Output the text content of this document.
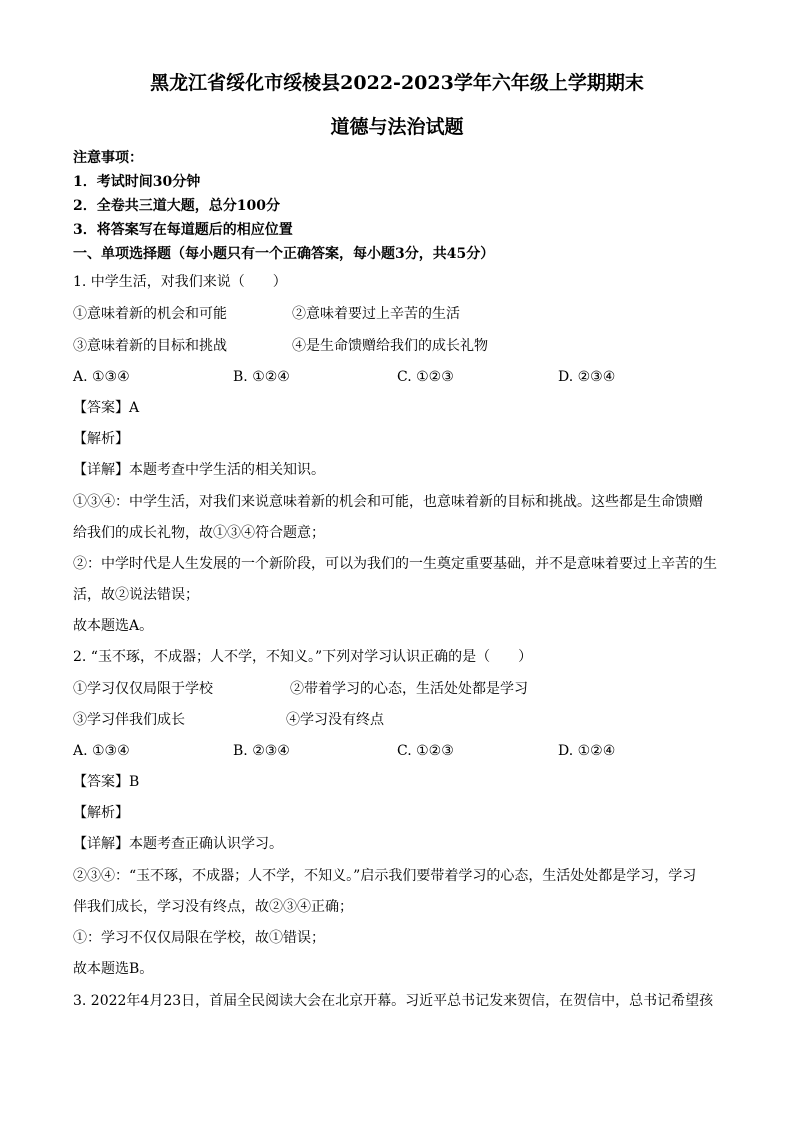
黑龙江省绥化市绥棱县2022-2023学年六年级上学期期末
道德与法治试题
注意事项：
1．考试时间30分钟
2．全卷共三道大题，总分100分
3．将答案写在每道题后的相应位置
一、单项选择题（每小题只有一个正确答案，每小题3分，共45分）
1. 中学生活，对我们来说（　　）
①意味着新的机会和可能	②意味着要过上辛苦的生活
③意味着新的目标和挑战	④是生命馈赠给我们的成长礼物
A. ①③④	B. ①②④	C. ①②③	D. ②③④
【答案】A
【解析】
【详解】本题考查中学生活的相关知识。
①③④：中学生活，对我们来说意味着新的机会和可能，也意味着新的目标和挑战。这些都是生命馈赠
给我们的成长礼物，故①③④符合题意；
②：中学时代是人生发展的一个新阶段，可以为我们的一生奠定重要基础，并不是意味着要过上辛苦的生
活，故②说法错误；
故本题选A。
2. “玉不琢，不成器；人不学，不知义。”下列对学习认识正确的是（　　）
①学习仅仅局限于学校	②带着学习的心态，生活处处都是学习
③学习伴我们成长	④学习没有终点
A. ①③④	B. ②③④	C. ①②③	D. ①②④
【答案】B
【解析】
【详解】本题考查正确认识学习。
②③④：“玉不琢，不成器；人不学，不知义。”启示我们要带着学习的心态，生活处处都是学习，学习
伴我们成长，学习没有终点，故②③④正确；
①：学习不仅仅局限在学校，故①错误；
故本题选B。
3. 2022年4月23日，首届全民阅读大会在北京开幕。习近平总书记发来贺信，在贺信中，总书记希望孩
